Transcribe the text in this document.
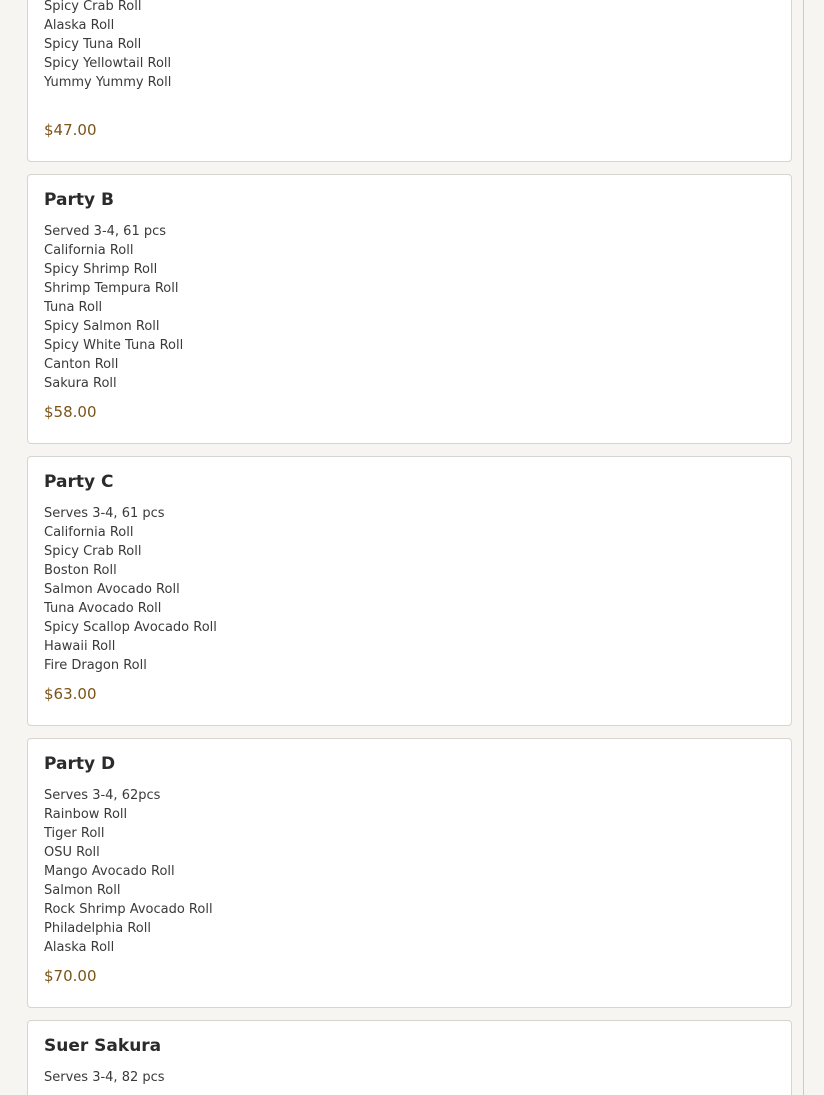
Spicy Crab Roll
Alaska Roll
Spicy Tuna Roll
Spicy Yellowtail Roll
Yummy Yummy Roll
$47.00
Party B
Served 3-4, 61 pcs
California Roll
Spicy Shrimp Roll
Shrimp Tempura Roll
Tuna Roll
Spicy Salmon Roll
Spicy White Tuna Roll
Canton Roll
Sakura Roll
$58.00
Party C
Serves 3-4, 61 pcs
California Roll
Spicy Crab Roll
Boston Roll
Salmon Avocado Roll
Tuna Avocado Roll
Spicy Scallop Avocado Roll
Hawaii Roll
Fire Dragon Roll
$63.00
Party D
Serves 3-4, 62pcs
Rainbow Roll
Tiger Roll
OSU Roll
Mango Avocado Roll
Salmon Roll
Rock Shrimp Avocado Roll
Philadelphia Roll
Alaska Roll
$70.00
Suer Sakura
Serves 3-4, 82 pcs
